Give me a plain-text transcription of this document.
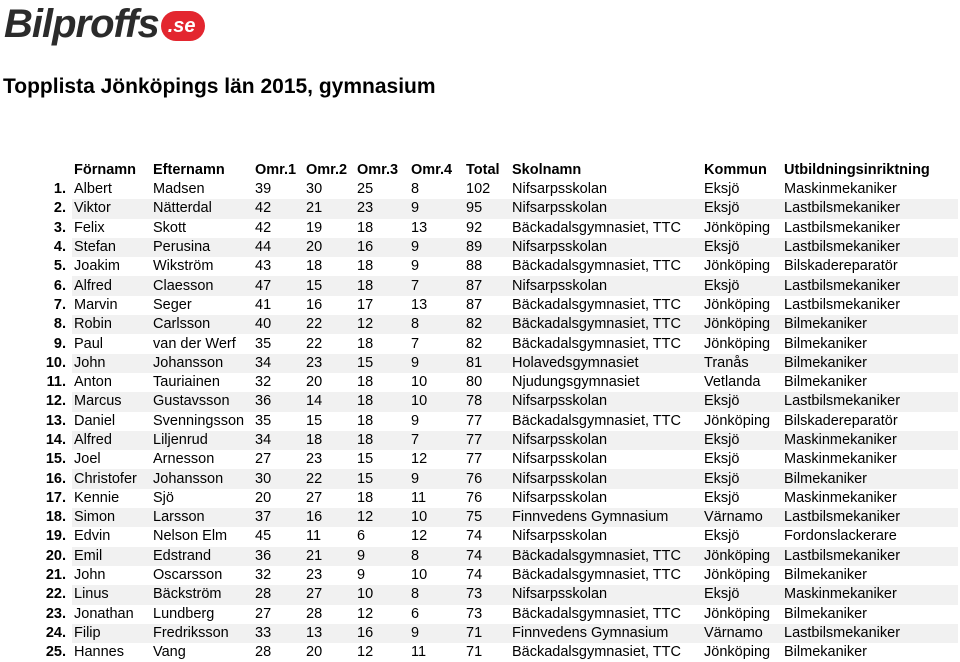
Bilproffs .se
Topplista Jönköpings län 2015, gymnasium
	Förnamn	Efternamn	Omr.1	Omr.2	Omr.3	Omr.4	Total	Skolnamn	Kommun	Utbildningsinriktning
1.	Albert	Madsen	39	30	25	8	102	Nifsarpsskolan	Eksjö	Maskinmekaniker
2.	Viktor	Nätterdal	42	21	23	9	95	Nifsarpsskolan	Eksjö	Lastbilsmekaniker
3.	Felix	Skott	42	19	18	13	92	Bäckadalsgymnasiet, TTC	Jönköping	Lastbilsmekaniker
4.	Stefan	Perusina	44	20	16	9	89	Nifsarpsskolan	Eksjö	Lastbilsmekaniker
5.	Joakim	Wikström	43	18	18	9	88	Bäckadalsgymnasiet, TTC	Jönköping	Bilskadereparatör
6.	Alfred	Claesson	47	15	18	7	87	Nifsarpsskolan	Eksjö	Lastbilsmekaniker
7.	Marvin	Seger	41	16	17	13	87	Bäckadalsgymnasiet, TTC	Jönköping	Lastbilsmekaniker
8.	Robin	Carlsson	40	22	12	8	82	Bäckadalsgymnasiet, TTC	Jönköping	Bilmekaniker
9.	Paul	van der Werf	35	22	18	7	82	Bäckadalsgymnasiet, TTC	Jönköping	Bilmekaniker
10.	John	Johansson	34	23	15	9	81	Holavedsgymnasiet	Tranås	Bilmekaniker
11.	Anton	Tauriainen	32	20	18	10	80	Njudungsgymnasiet	Vetlanda	Bilmekaniker
12.	Marcus	Gustavsson	36	14	18	10	78	Nifsarpsskolan	Eksjö	Lastbilsmekaniker
13.	Daniel	Svenningsson	35	15	18	9	77	Bäckadalsgymnasiet, TTC	Jönköping	Bilskadereparatör
14.	Alfred	Liljenrud	34	18	18	7	77	Nifsarpsskolan	Eksjö	Maskinmekaniker
15.	Joel	Arnesson	27	23	15	12	77	Nifsarpsskolan	Eksjö	Maskinmekaniker
16.	Christofer	Johansson	30	22	15	9	76	Nifsarpsskolan	Eksjö	Bilmekaniker
17.	Kennie	Sjö	20	27	18	11	76	Nifsarpsskolan	Eksjö	Maskinmekaniker
18.	Simon	Larsson	37	16	12	10	75	Finnvedens Gymnasium	Värnamo	Lastbilsmekaniker
19.	Edvin	Nelson Elm	45	11	6	12	74	Nifsarpsskolan	Eksjö	Fordonslackerare
20.	Emil	Edstrand	36	21	9	8	74	Bäckadalsgymnasiet, TTC	Jönköping	Lastbilsmekaniker
21.	John	Oscarsson	32	23	9	10	74	Bäckadalsgymnasiet, TTC	Jönköping	Bilmekaniker
22.	Linus	Bäckström	28	27	10	8	73	Nifsarpsskolan	Eksjö	Maskinmekaniker
23.	Jonathan	Lundberg	27	28	12	6	73	Bäckadalsgymnasiet, TTC	Jönköping	Bilmekaniker
24.	Filip	Fredriksson	33	13	16	9	71	Finnvedens Gymnasium	Värnamo	Lastbilsmekaniker
25.	Hannes	Vang	28	20	12	11	71	Bäckadalsgymnasiet, TTC	Jönköping	Bilmekaniker
